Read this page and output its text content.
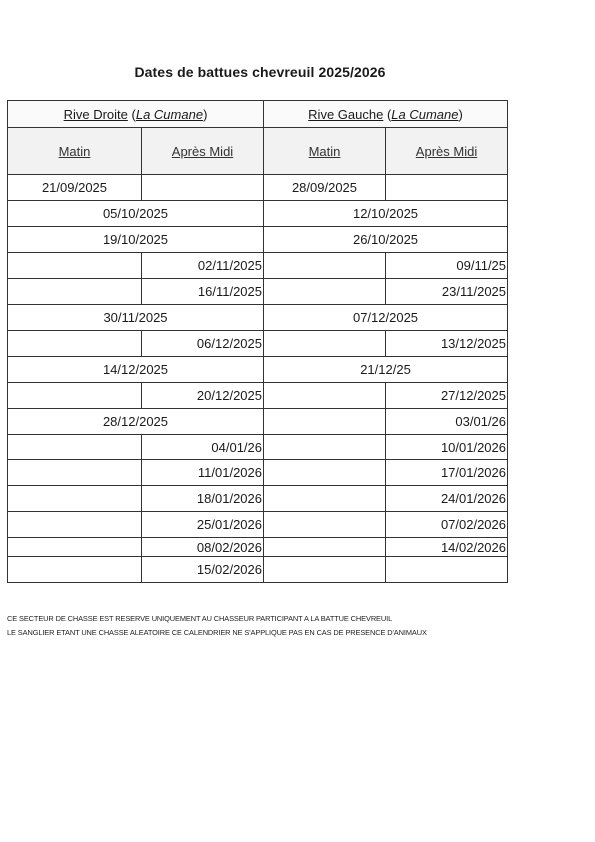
Dates de battues chevreuil 2025/2026
Rive Droite (La Cumane)		Rive Gauche (La Cumane)	
Matin	Après Midi	Matin	Après Midi
21/09/2025		28/09/2025	
05/10/2025		12/10/2025	
19/10/2025		26/10/2025	
	02/11/2025		09/11/25
	16/11/2025		23/11/2025
30/11/2025		07/12/2025	
	06/12/2025		13/12/2025
14/12/2025		21/12/25	
	20/12/2025		27/12/2025
28/12/2025			03/01/26
	04/01/26		10/01/2026
	11/01/2026		17/01/2026
	18/01/2026		24/01/2026
	25/01/2026		07/02/2026
	08/02/2026		14/02/2026
	15/02/2026		
CE SECTEUR DE CHASSE EST RESERVE UNIQUEMENT AU CHASSEUR PARTICIPANT A LA BATTUE CHEVREUIL
LE SANGLIER ETANT UNE CHASSE ALEATOIRE CE CALENDRIER NE S'APPLIQUE PAS EN CAS DE PRESENCE D'ANIMAUX
